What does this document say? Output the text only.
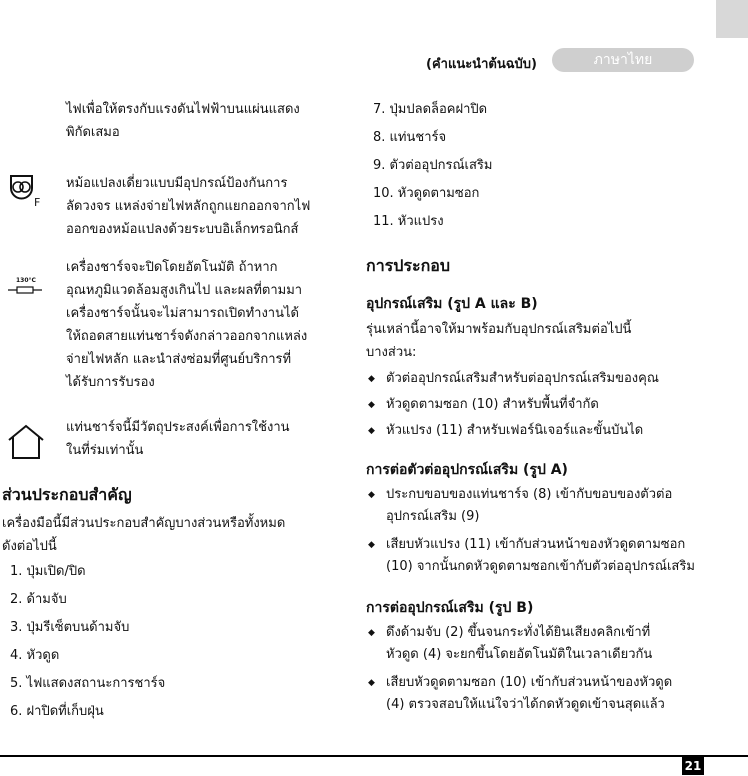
(คำแนะนำต้นฉบับ)	ภาษาไทย
ไฟเพื่อให้ตรงกับแรงดันไฟฟ้าบนแผ่นแสดง
พิกัดเสมอ
F
หม้อแปลงเดี่ยวแบบมีอุปกรณ์ป้องกันการ
ลัดวงจร แหล่งจ่ายไฟหลักถูกแยกออกจากไฟ
ออกของหม้อแปลงด้วยระบบอิเล็กทรอนิกส์
130°C
เครื่องชาร์จจะปิดโดยอัตโนมัติ ถ้าหาก
อุณหภูมิแวดล้อมสูงเกินไป และผลที่ตามมา
เครื่องชาร์จนั้นจะไม่สามารถเปิดทำงานได้
ให้ถอดสายแท่นชาร์จดังกล่าวออกจากแหล่ง
จ่ายไฟหลัก และนำส่งซ่อมที่ศูนย์บริการที่
ได้รับการรับรอง
แท่นชาร์จนี้มีวัตถุประสงค์เพื่อการใช้งาน
ในที่ร่มเท่านั้น
ส่วนประกอบสำคัญ
เครื่องมือนี้มีส่วนประกอบสำคัญบางส่วนหรือทั้งหมด
ดังต่อไปนี้
1. ปุ่มเปิด/ปิด
2. ด้ามจับ
3. ปุ่มรีเซ็ตบนด้ามจับ
4. หัวดูด
5. ไฟแสดงสถานะการชาร์จ
6. ฝาปิดที่เก็บฝุ่น
7. ปุ่มปลดล็อคฝาปิด
8. แท่นชาร์จ
9. ตัวต่ออุปกรณ์เสริม
10. หัวดูดตามซอก
11. หัวแปรง
การประกอบ
อุปกรณ์เสริม (รูป A และ B)
รุ่นเหล่านี้อาจให้มาพร้อมกับอุปกรณ์เสริมต่อไปนี้
บางส่วน:
◆ ตัวต่ออุปกรณ์เสริมสำหรับต่ออุปกรณ์เสริมของคุณ
◆ หัวดูดตามซอก (10) สำหรับพื้นที่จำกัด
◆ หัวแปรง (11) สำหรับเฟอร์นิเจอร์และขั้นบันได
การต่อตัวต่ออุปกรณ์เสริม (รูป A)
◆ ประกบขอบของแท่นชาร์จ (8) เข้ากับขอบของตัวต่อ
อุปกรณ์เสริม (9)
◆ เสียบหัวแปรง (11) เข้ากับส่วนหน้าของหัวดูดตามซอก
(10) จากนั้นกดหัวดูดตามซอกเข้ากับตัวต่ออุปกรณ์เสริม
การต่ออุปกรณ์เสริม (รูป B)
◆ ดึงด้ามจับ (2) ขึ้นจนกระทั่งได้ยินเสียงคลิกเข้าที่
หัวดูด (4) จะยกขึ้นโดยอัตโนมัติในเวลาเดียวกัน
◆ เสียบหัวดูดตามซอก (10) เข้ากับส่วนหน้าของหัวดูด
(4) ตรวจสอบให้แน่ใจว่าได้กดหัวดูดเข้าจนสุดแล้ว
21
